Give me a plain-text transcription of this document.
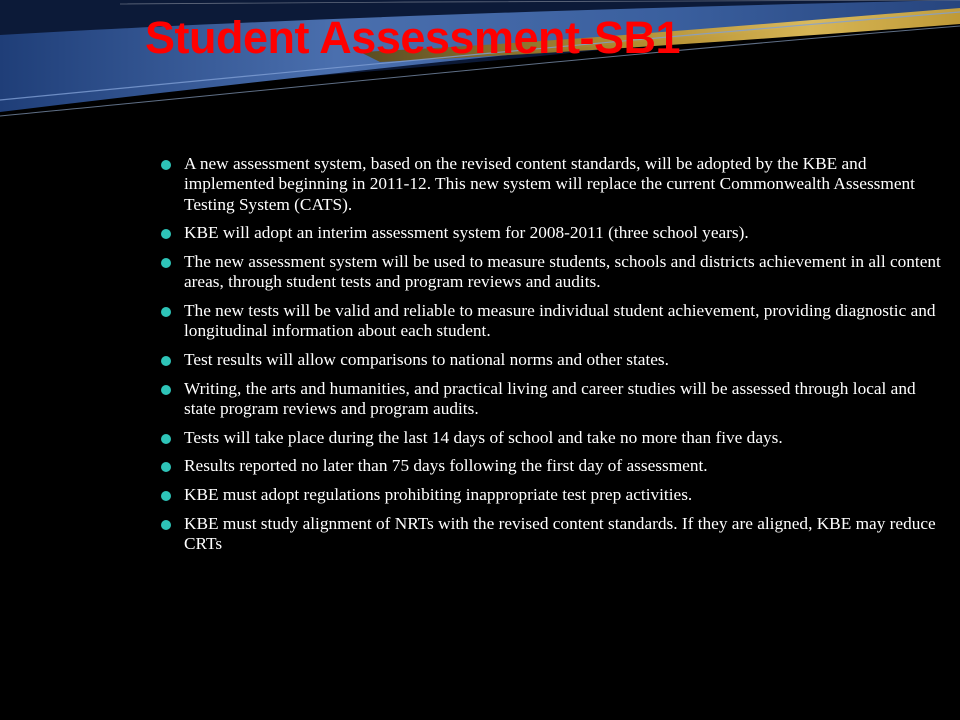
Student Assessment-SB1
A new assessment system, based on the revised content standards, will be adopted by the KBE and implemented beginning in 2011-12. This new system will replace the current Commonwealth Assessment Testing System (CATS).
KBE will adopt an interim assessment system for 2008-2011 (three school years).
The new assessment system will be used to measure students, schools and districts achievement in all content areas, through student tests and program reviews and audits.
The new tests will be valid and reliable to measure individual student achievement, providing diagnostic and longitudinal information about each student.
Test results will allow comparisons to national norms and other states.
Writing, the arts and humanities, and practical living and career studies will be assessed through local and state program reviews and program audits.
Tests will take place during the last 14 days of school and take no more than five days.
Results reported no later than 75 days following the first day of assessment.
KBE must adopt regulations prohibiting inappropriate test prep activities.
KBE must study alignment of NRTs with the revised content standards. If they are aligned, KBE may reduce CRTs
